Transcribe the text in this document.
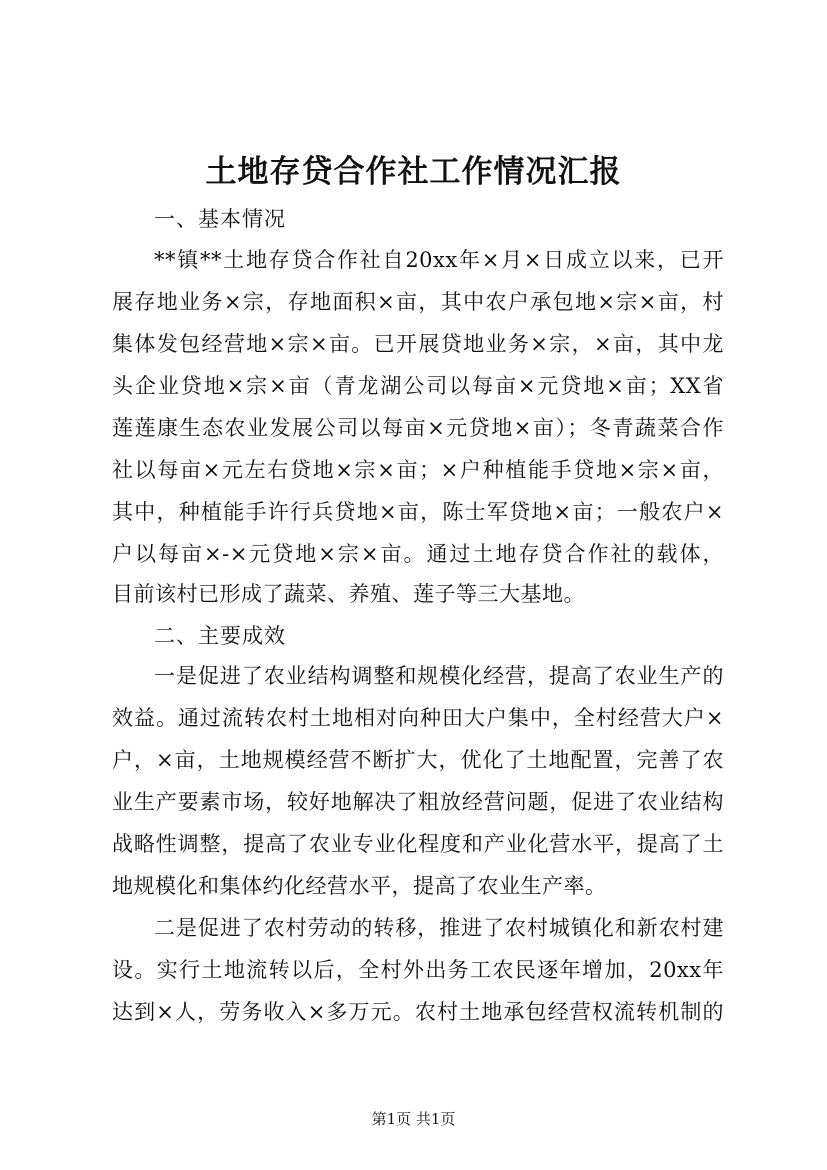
土地存贷合作社工作情况汇报
一、基本情况
**镇**土地存贷合作社自20xx年×月×日成立以来，已开
展存地业务×宗，存地面积×亩，其中农户承包地×宗×亩，村
集体发包经营地×宗×亩。已开展贷地业务×宗，×亩，其中龙
头企业贷地×宗×亩（青龙湖公司以每亩×元贷地×亩；XX省
莲莲康生态农业发展公司以每亩×元贷地×亩）；冬青蔬菜合作
社以每亩×元左右贷地×宗×亩；×户种植能手贷地×宗×亩，
其中，种植能手许行兵贷地×亩，陈士军贷地×亩；一般农户×
户以每亩×-×元贷地×宗×亩。通过土地存贷合作社的载体，
目前该村已形成了蔬菜、养殖、莲子等三大基地。
二、主要成效
一是促进了农业结构调整和规模化经营，提高了农业生产的
效益。通过流转农村土地相对向种田大户集中，全村经营大户×
户，×亩，土地规模经营不断扩大，优化了土地配置，完善了农
业生产要素市场，较好地解决了粗放经营问题，促进了农业结构
战略性调整，提高了农业专业化程度和产业化营水平，提高了土
地规模化和集体约化经营水平，提高了农业生产率。
二是促进了农村劳动的转移，推进了农村城镇化和新农村建
设。实行土地流转以后，全村外出务工农民逐年增加，20xx年
达到×人，劳务收入×多万元。农村土地承包经营权流转机制的
第1页 共1页
